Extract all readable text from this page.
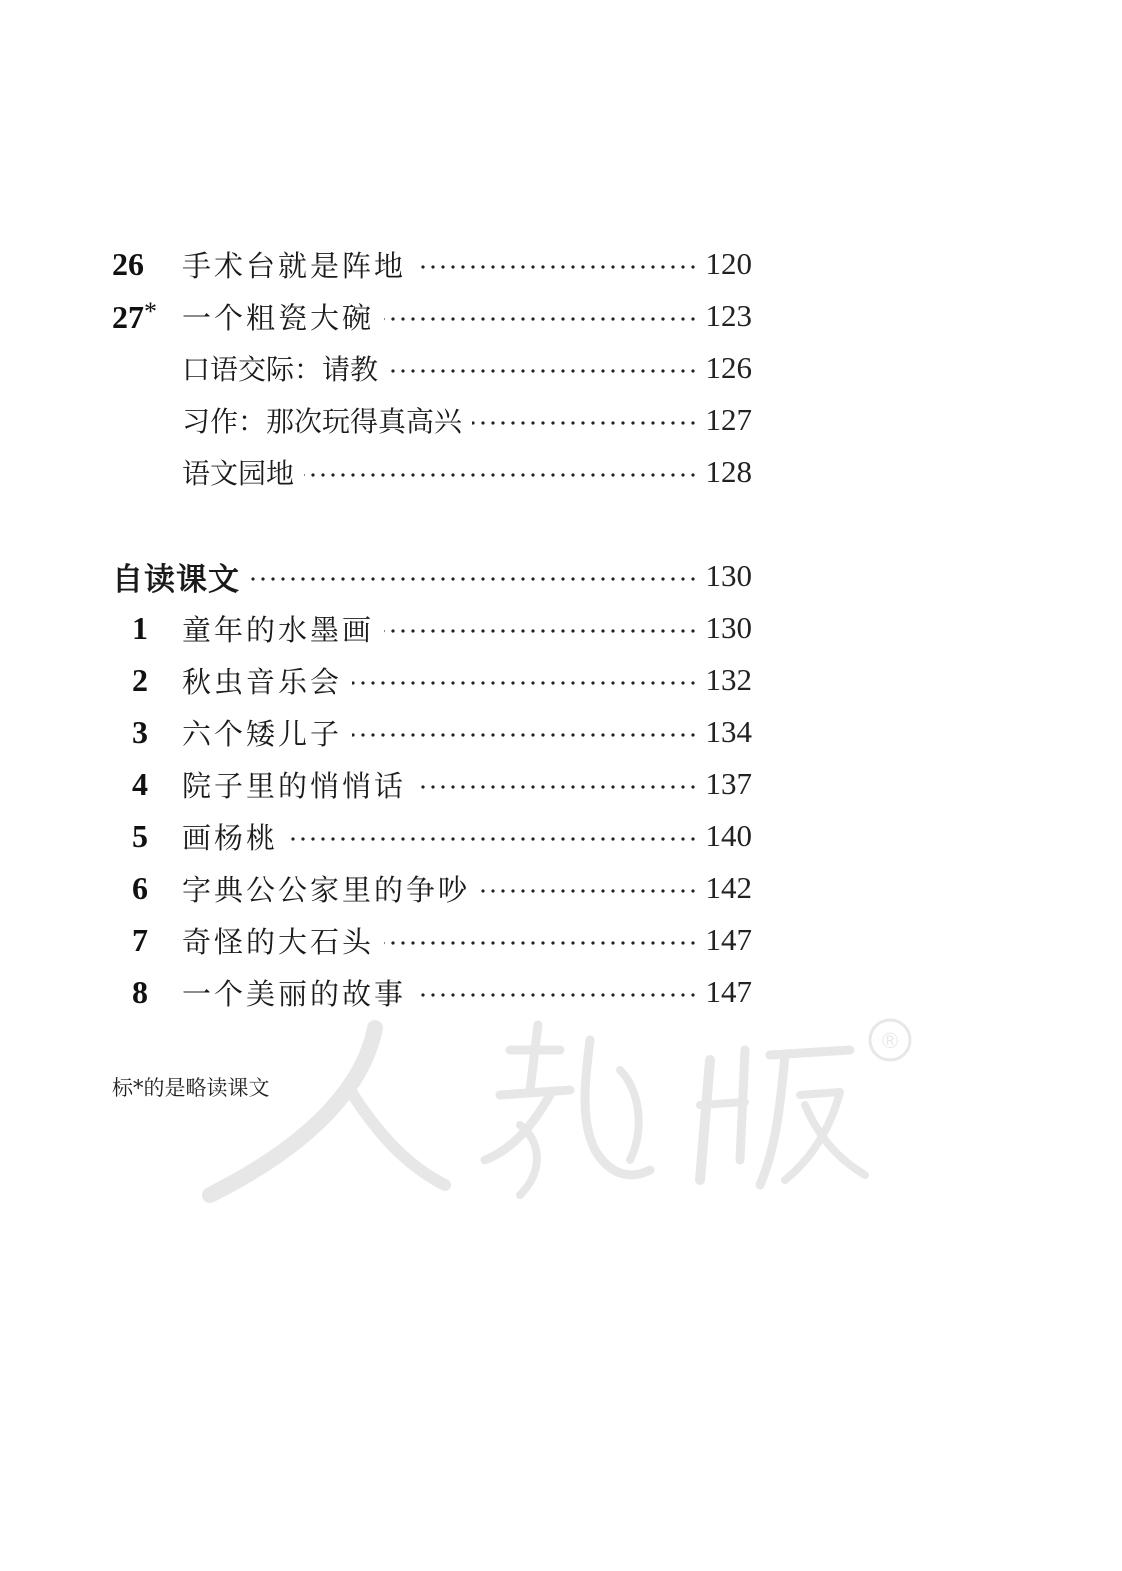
26	手术台就是阵地	120
27* 一个粗瓷大碗	123
口语交际：请教	126
习作：那次玩得真高兴	127
语文园地	128
自读课文	130
1	童年的水墨画	130
2	秋虫音乐会	132
3	六个矮儿子	134
4	院子里的悄悄话	137
5	画杨桃	140
6	字典公公家里的争吵	142
7	奇怪的大石头	147
8	一个美丽的故事	147
®
标*的是略读课文
